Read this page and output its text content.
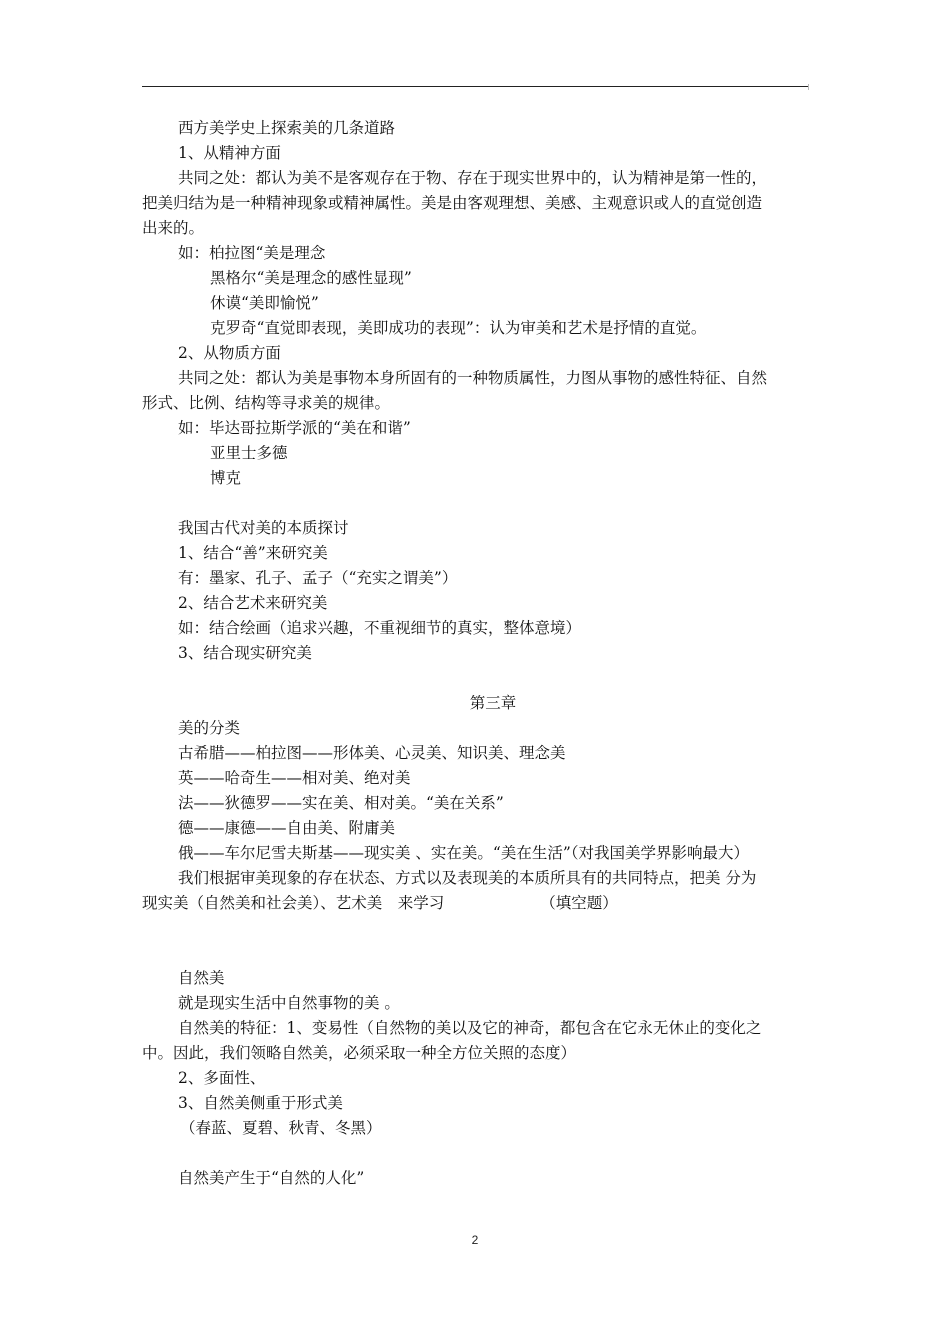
西方美学史上探索美的几条道路
1、从精神方面
共同之处：都认为美不是客观存在于物、存在于现实世界中的，认为精神是第一性的，
把美归结为是一种精神现象或精神属性。美是由客观理想、美感、主观意识或人的直觉创造
出来的。
如：柏拉图“美是理念
黑格尔“美是理念的感性显现”
休谟“美即愉悦”
克罗奇“直觉即表现，美即成功的表现”：认为审美和艺术是抒情的直觉。
2、从物质方面
共同之处：都认为美是事物本身所固有的一种物质属性，力图从事物的感性特征、自然
形式、比例、结构等寻求美的规律。
如：毕达哥拉斯学派的“美在和谐”
亚里士多德
博克
我国古代对美的本质探讨
1、结合“善”来研究美
有：墨家、孔子、孟子（“充实之谓美”）
2、结合艺术来研究美
如：结合绘画（追求兴趣，不重视细节的真实，整体意境）
3、结合现实研究美
第三章
美的分类
古希腊——柏拉图——形体美、心灵美、知识美、理念美
英——哈奇生——相对美、绝对美
法——狄德罗——实在美、相对美。“美在关系”
德——康德——自由美、附庸美
俄——车尔尼雪夫斯基——现实美 、实在美。“美在生活”（对我国美学界影响最大）
我们根据审美现象的存在状态、方式以及表现美的本质所具有的共同特点，把美 分为
现实美（自然美和社会美）、艺术美　来学习	（填空题）
自然美
就是现实生活中自然事物的美 。
自然美的特征：1、变易性（自然物的美以及它的神奇，都包含在它永无休止的变化之
中。因此，我们领略自然美，必须采取一种全方位关照的态度）
2、多面性、
3、自然美侧重于形式美
（春蓝、夏碧、秋青、冬黑）
自然美产生于“自然的人化”
2
